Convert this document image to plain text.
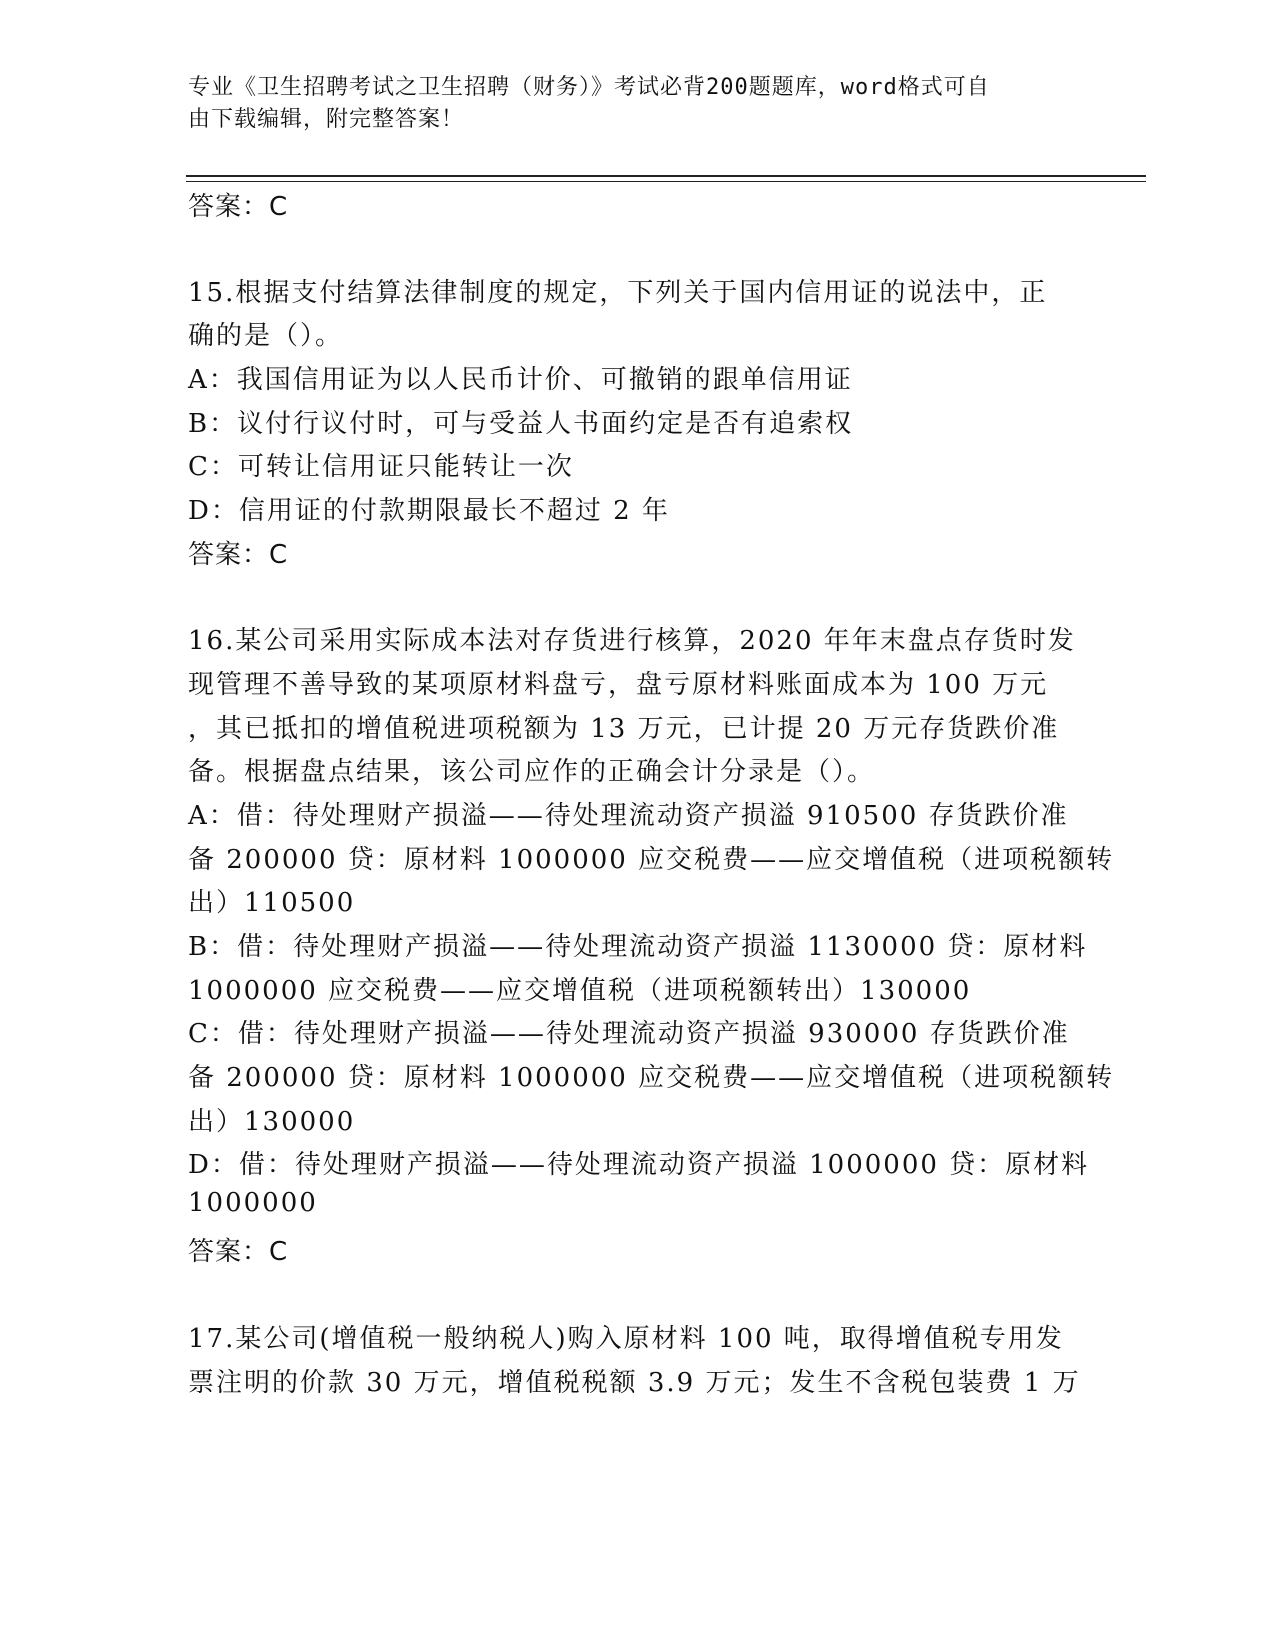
专业《卫生招聘考试之卫生招聘（财务）》考试必背200题题库，word格式可自
由下载编辑，附完整答案！
答案：C
15.根据支付结算法律制度的规定，下列关于国内信用证的说法中，正
确的是（）。
A：我国信用证为以人民币计价、可撤销的跟单信用证
B：议付行议付时，可与受益人书面约定是否有追索权
C：可转让信用证只能转让一次
D：信用证的付款期限最长不超过 2 年
答案：C
16.某公司采用实际成本法对存货进行核算，2020 年年末盘点存货时发
现管理不善导致的某项原材料盘亏，盘亏原材料账面成本为 100 万元
，其已抵扣的增值税进项税额为 13 万元，已计提 20 万元存货跌价准
备。根据盘点结果，该公司应作的正确会计分录是（）。
A：借：待处理财产损溢——待处理流动资产损溢 910500 存货跌价准
备 200000 贷：原材料 1000000 应交税费——应交增值税（进项税额转
出）110500
B：借：待处理财产损溢——待处理流动资产损溢 1130000 贷：原材料
1000000 应交税费——应交增值税（进项税额转出）130000
C：借：待处理财产损溢——待处理流动资产损溢 930000 存货跌价准
备 200000 贷：原材料 1000000 应交税费——应交增值税（进项税额转
出）130000
D：借：待处理财产损溢——待处理流动资产损溢 1000000 贷：原材料
1000000
答案：C
17.某公司(增值税一般纳税人)购入原材料 100 吨，取得增值税专用发
票注明的价款 30 万元，增值税税额 3.9 万元；发生不含税包装费 1 万
